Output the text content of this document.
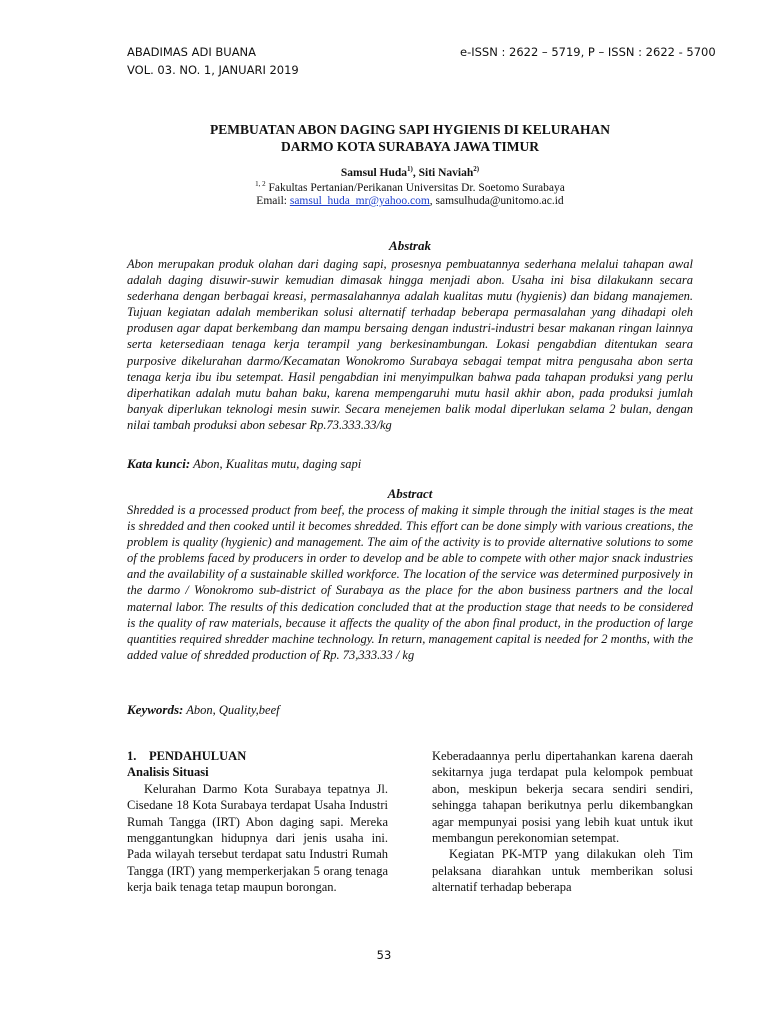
ABADIMAS ADI BUANA
VOL. 03. NO. 1, JANUARI 2019
e-ISSN : 2622 – 5719, P – ISSN : 2622 - 5700
PEMBUATAN ABON DAGING SAPI HYGIENIS DI KELURAHAN
DARMO KOTA SURABAYA JAWA TIMUR
Samsul Huda$^{1)}$, Siti Naviah$^{2)}$
$^{1, 2}$ Fakultas Pertanian/Perikanan Universitas Dr. Soetomo Surabaya
Email: samsul_huda_mr@yahoo.com, samsulhuda@unitomo.ac.id
Abstrak
Abon merupakan produk olahan dari daging sapi, prosesnya pembuatannya sederhana melalui tahapan awal adalah daging disuwir-suwir kemudian dimasak hingga menjadi abon. Usaha ini bisa dilakukann secara sederhana dengan berbagai kreasi, permasalahannya adalah kualitas mutu (hygienis) dan bidang manajemen. Tujuan kegiatan adalah memberikan solusi alternatif terhadap beberapa permasalahan yang dihadapi oleh produsen agar dapat berkembang dan mampu bersaing dengan industri-industri besar makanan ringan lainnya serta ketersediaan tenaga kerja terampil yang berkesinambungan. Lokasi pengabdian ditentukan seara purposive dikelurahan darmo/Kecamatan Wonokromo Surabaya sebagai tempat mitra pengusaha abon serta tenaga kerja ibu ibu setempat. Hasil pengabdian ini menyimpulkan bahwa pada tahapan produksi yang perlu diperhatikan adalah mutu bahan baku, karena mempengaruhi mutu hasil akhir abon, pada produksi jumlah banyak diperlukan teknologi mesin suwir. Secara menejemen balik modal diperlukan selama 2 bulan, dengan nilai tambah produksi abon sebesar Rp.73.333.33/kg
Kata kunci: Abon, Kualitas mutu, daging sapi
Abstract
Shredded is a processed product from beef, the process of making it simple through the initial stages is the meat is shredded and then cooked until it becomes shredded. This effort can be done simply with various creations, the problem is quality (hygienic) and management. The aim of the activity is to provide alternative solutions to some of the problems faced by producers in order to develop and be able to compete with other major snack industries and the availability of a sustainable skilled workforce. The location of the service was determined purposively in the darmo / Wonokromo sub-district of Surabaya as the place for the abon business partners and the local maternal labor. The results of this dedication concluded that at the production stage that needs to be considered is the quality of raw materials, because it affects the quality of the abon final product, in the production of large quantities required shredder machine technology. In return, management capital is needed for 2 months, with the added value of shredded production of Rp. 73,333.33 / kg
Keywords: Abon, Quality,beef

1. PENDAHULUAN

Analisis Situasi

Kelurahan Darmo Kota Surabaya tepatnya Jl. Cisedane 18 Kota Surabaya terdapat Usaha Industri Rumah Tangga (IRT) Abon daging sapi. Mereka menggantungkan hidupnya dari jenis usaha ini. Pada wilayah tersebut terdapat satu Industri Rumah Tangga (IRT) yang memperkerjakan 5 orang tenaga kerja baik tenaga tetap maupun borongan.

Keberadaannya perlu dipertahankan karena daerah sekitarnya juga terdapat pula kelompok pembuat abon, meskipun bekerja secara sendiri sendiri, sehingga tahapan berikutnya perlu dikembangkan agar mempunyai posisi yang lebih kuat untuk ikut membangun perekonomian setempat.

Kegiatan PK-MTP yang dilakukan oleh Tim pelaksana diarahkan untuk memberikan solusi alternatif terhadap beberapa

53
